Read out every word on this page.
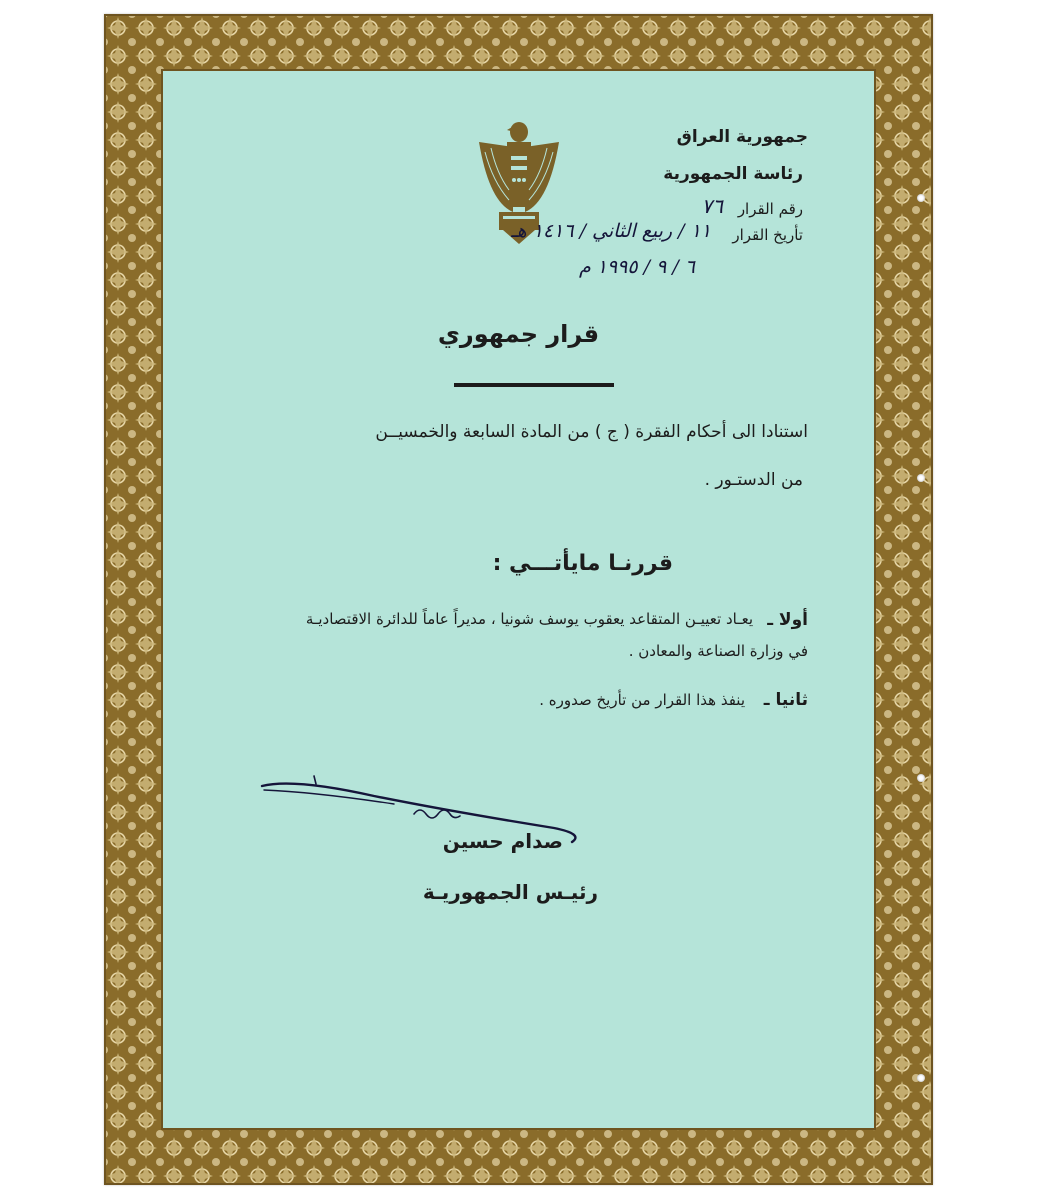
جمهورية العراق
رئاسة الجمهورية
رقم القرار
٧٦
تأريخ القرار
١١ / ربيع الثاني / ١٤١٦ هـ
٦ / ٩ / ١٩٩٥ م
قرار جمهوري
استنادا الى أحكام الفقرة ( ج ) من المادة السابعة والخمسيــن
من الدستـور .
قررنـا مايأتـــي :
أولا ـ
يعـاد تعييـن المتقاعد يعقوب يوسف شونيا ، مديراً عاماً للدائرة الاقتصاديـة
في وزارة الصناعة والمعادن .
ثانيا ـ
ينفذ هذا القرار من تأريخ صدوره .
صدام حسين
رئيـس الجمهوريـة
